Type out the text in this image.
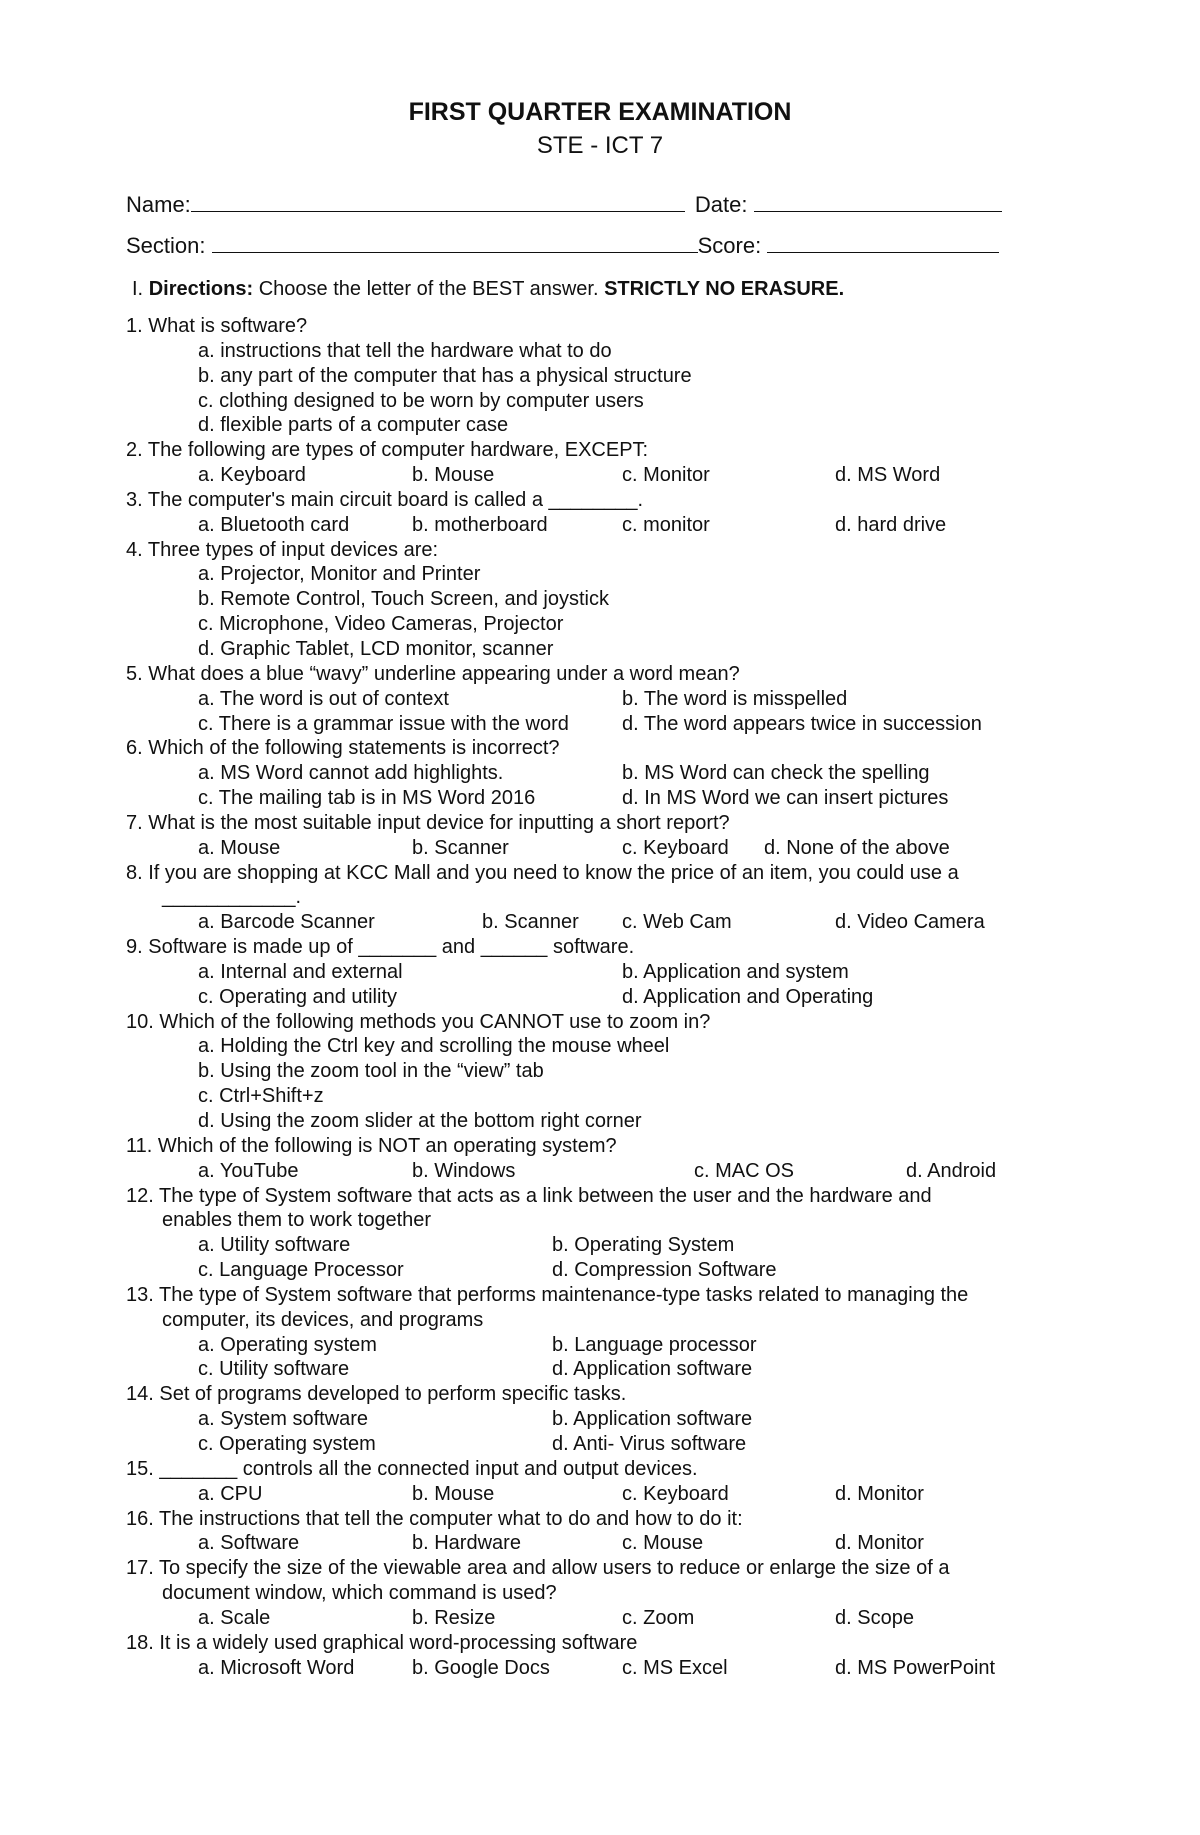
FIRST QUARTER EXAMINATION
STE - ICT 7
Name:	Date:
Section:	Score:
I. Directions: Choose the letter of the BEST answer. STRICTLY NO ERASURE.
1. What is software?
a. instructions that tell the hardware what to do
b. any part of the computer that has a physical structure
c. clothing designed to be worn by computer users
d. flexible parts of a computer case
2. The following are types of computer hardware, EXCEPT:
a. Keyboard	b. Mouse	c. Monitor	d. MS Word
3. The computer's main circuit board is called a ________.
a. Bluetooth card	b. motherboard	c. monitor	d. hard drive
4. Three types of input devices are:
a. Projector, Monitor and Printer
b. Remote Control, Touch Screen, and joystick
c. Microphone, Video Cameras, Projector
d. Graphic Tablet, LCD monitor, scanner
5. What does a blue “wavy” underline appearing under a word mean?
a. The word is out of context	b. The word is misspelled
c. There is a grammar issue with the word	d. The word appears twice in succession
6. Which of the following statements is incorrect?
a. MS Word cannot add highlights.	b. MS Word can check the spelling
c. The mailing tab is in MS Word 2016	d. In MS Word we can insert pictures
7. What is the most suitable input device for inputting a short report?
a. Mouse	b. Scanner	c. Keyboard d. None of the above
8. If you are shopping at KCC Mall and you need to know the price of an item, you could use a
____________.
a. Barcode Scanner	b. Scanner c. Web Cam	d. Video Camera
9. Software is made up of _______ and ______ software.
a. Internal and external	b. Application and system
c. Operating and utility	d. Application and Operating
10. Which of the following methods you CANNOT use to zoom in?
a. Holding the Ctrl key and scrolling the mouse wheel
b. Using the zoom tool in the “view” tab
c. Ctrl+Shift+z
d. Using the zoom slider at the bottom right corner
11. Which of the following is NOT an operating system?
a. YouTube	b. Windows	c. MAC OS	d. Android
12. The type of System software that acts as a link between the user and the hardware and
enables them to work together
a. Utility software	b. Operating System
c. Language Processor	d. Compression Software
13. The type of System software that performs maintenance-type tasks related to managing the
computer, its devices, and programs
a. Operating system	b. Language processor
c. Utility software	d. Application software
14. Set of programs developed to perform specific tasks.
a. System software	b. Application software
c. Operating system	d. Anti- Virus software
15. _______ controls all the connected input and output devices.
a. CPU	b. Mouse	c. Keyboard	d. Monitor
16. The instructions that tell the computer what to do and how to do it:
a. Software	b. Hardware	c. Mouse	d. Monitor
17. To specify the size of the viewable area and allow users to reduce or enlarge the size of a
document window, which command is used?
a. Scale	b. Resize	c. Zoom	d. Scope
18. It is a widely used graphical word-processing software
a. Microsoft Word	b. Google Docs	c. MS Excel	d. MS PowerPoint
